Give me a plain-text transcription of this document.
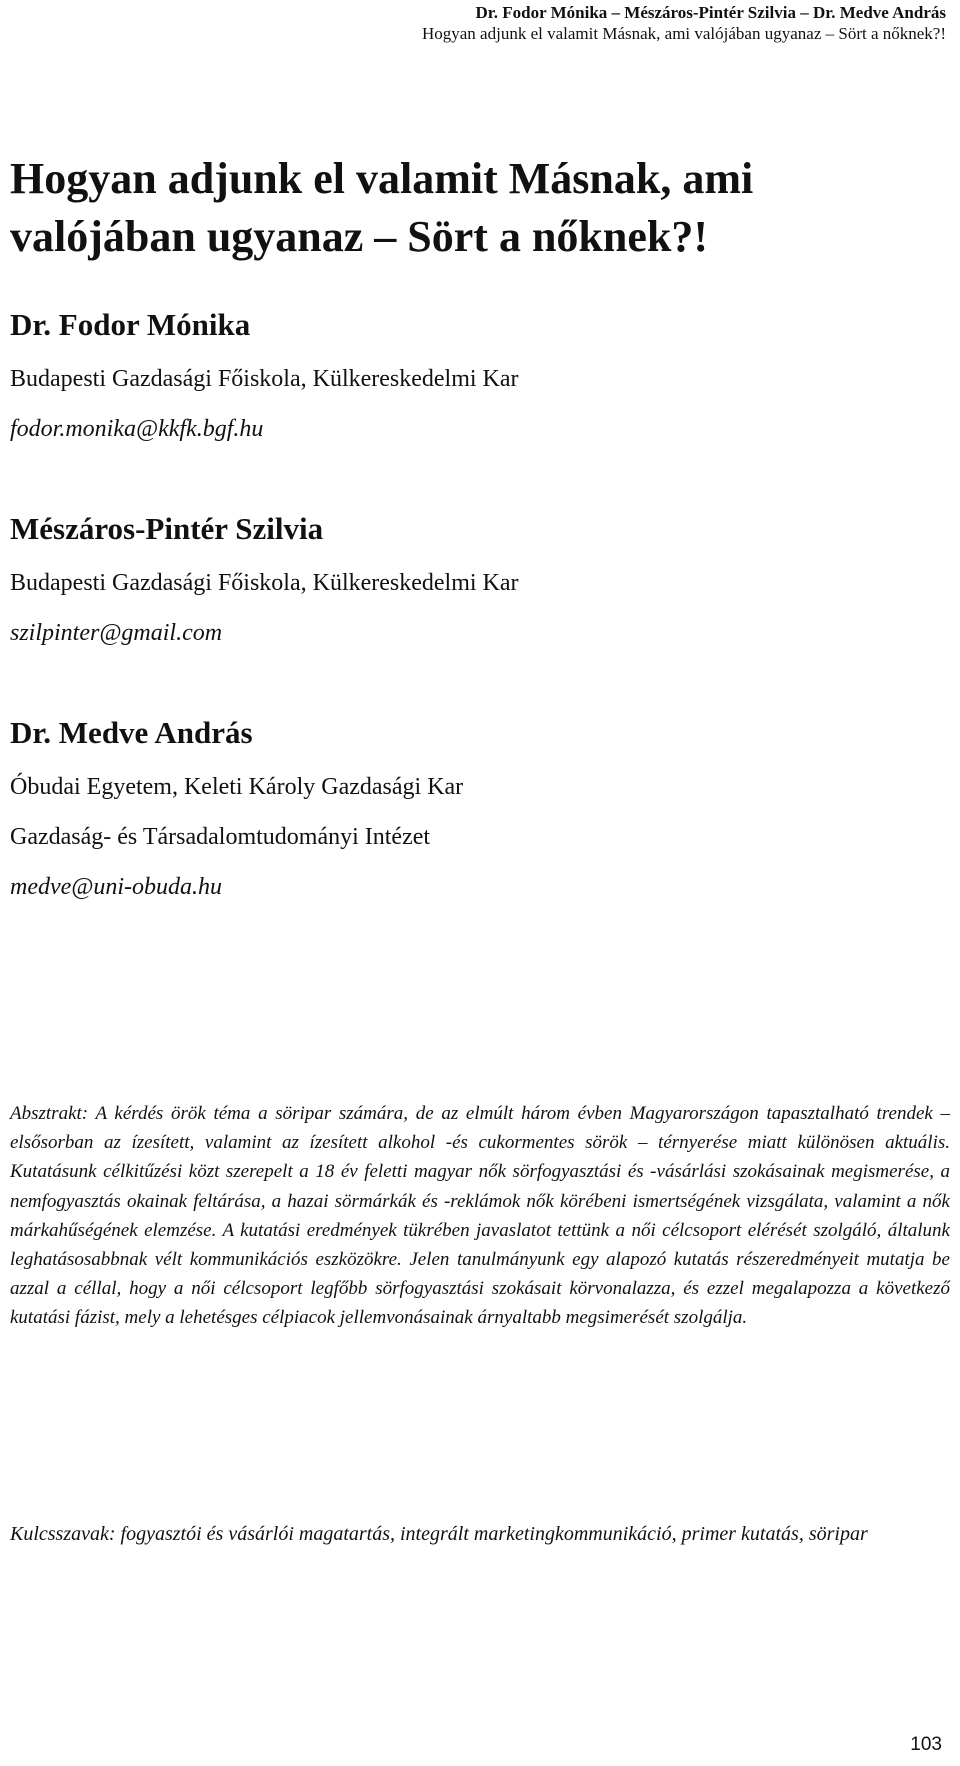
Dr. Fodor Mónika – Mészáros-Pintér Szilvia – Dr. Medve András
Hogyan adjunk el valamit Másnak, ami valójában ugyanaz – Sört a nőknek?!
Hogyan adjunk el valamit Másnak, ami
valójában ugyanaz – Sört a nőknek?!
Dr. Fodor Mónika
Budapesti Gazdasági Főiskola, Külkereskedelmi Kar
fodor.monika@kkfk.bgf.hu
Mészáros-Pintér Szilvia
Budapesti Gazdasági Főiskola, Külkereskedelmi Kar
szilpinter@gmail.com
Dr. Medve András
Óbudai Egyetem, Keleti Károly Gazdasági Kar
Gazdaság- és Társadalomtudományi Intézet
medve@uni-obuda.hu

Absztrakt: A kérdés örök téma a söripar számára, de az elmúlt három évben Magyarországon tapasztalható trendek – elsősorban az ízesített, valamint az ízesített alkohol -és cukormentes sörök – térnyerése miatt különösen aktuális. Kutatásunk célkitűzési közt szerepelt a 18 év feletti magyar nők sörfogyasztási és -vásárlási szokásainak megismerése, a nemfogyasztás okainak feltárása, a hazai sörmárkák és -reklámok nők körébeni ismertségének vizsgálata, valamint a nők márkahűségének elemzése. A kutatási eredmények tükrében javaslatot tettünk a női célcsoport elérését szolgáló, általunk leghatásosabbnak vélt kommunikációs eszközökre. Jelen tanulmányunk egy alapozó kutatás részeredményeit mutatja be azzal a céllal, hogy a női célcsoport legfőbb sörfogyasztási szokásait körvonalazza, és ezzel megalapozza a következő kutatási fázist, mely a lehetésges célpiacok jellemvonásainak árnyaltabb megsimerését szolgálja.

Kulcsszavak: fogyasztói és vásárlói magatartás, integrált marketingkommunikáció, primer kutatás, söripar

103
